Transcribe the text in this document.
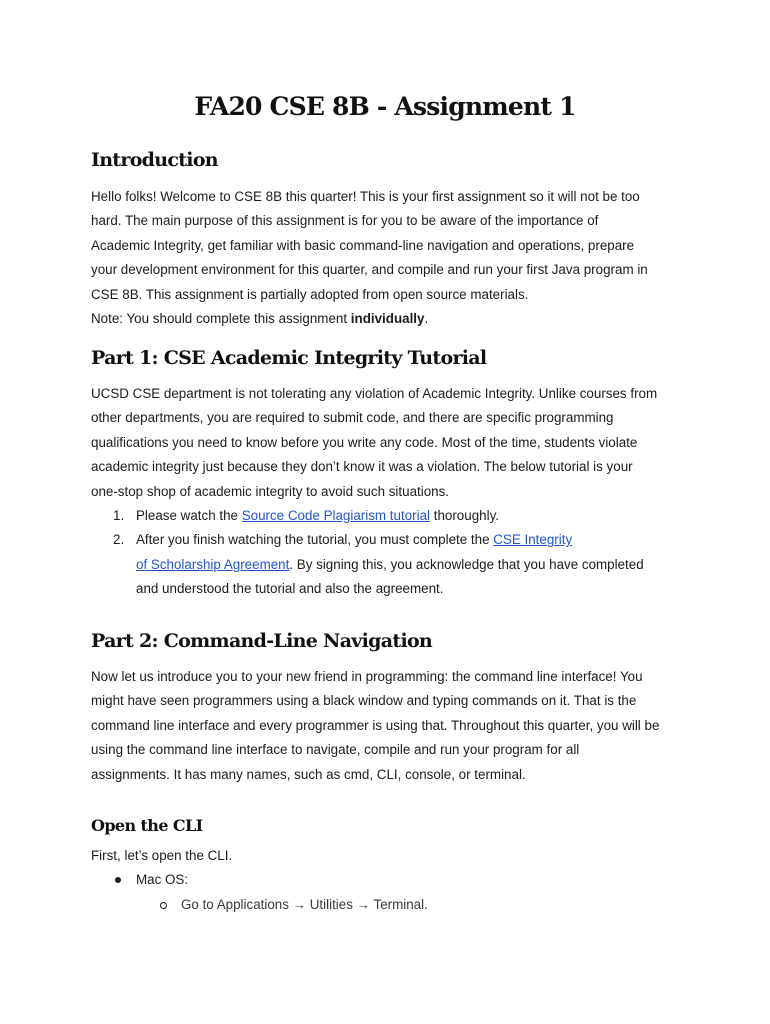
FA20 CSE 8B - Assignment 1
Introduction

Hello folks! Welcome to CSE 8B this quarter! This is your first assignment so it will not be too
hard. The main purpose of this assignment is for you to be aware of the importance of
Academic Integrity, get familiar with basic command-line navigation and operations, prepare
your development environment for this quarter, and compile and run your first Java program in
CSE 8B. This assignment is partially adopted from open source materials.
Note: You should complete this assignment individually.

Part 1: CSE Academic Integrity Tutorial

UCSD CSE department is not tolerating any violation of Academic Integrity. Unlike courses from
other departments, you are required to submit code, and there are specific programming
qualifications you need to know before you write any code. Most of the time, students violate
academic integrity just because they don’t know it was a violation. The below tutorial is your
one-stop shop of academic integrity to avoid such situations.

1. Please watch the Source Code Plagiarism tutorial thoroughly.
2. After you finish watching the tutorial, you must complete the CSE Integrity
of Scholarship Agreement. By signing this, you acknowledge that you have completed
and understood the tutorial and also the agreement.
Part 2: Command-Line Navigation

Now let us introduce you to your new friend in programming: the command line interface! You
might have seen programmers using a black window and typing commands on it. That is the
command line interface and every programmer is using that. Throughout this quarter, you will be
using the command line interface to navigate, compile and run your program for all
assignments. It has many names, such as cmd, CLI, console, or terminal.

Open the CLI

First, let’s open the CLI.

Mac OS:
Go to Applications → Utilities → Terminal.
